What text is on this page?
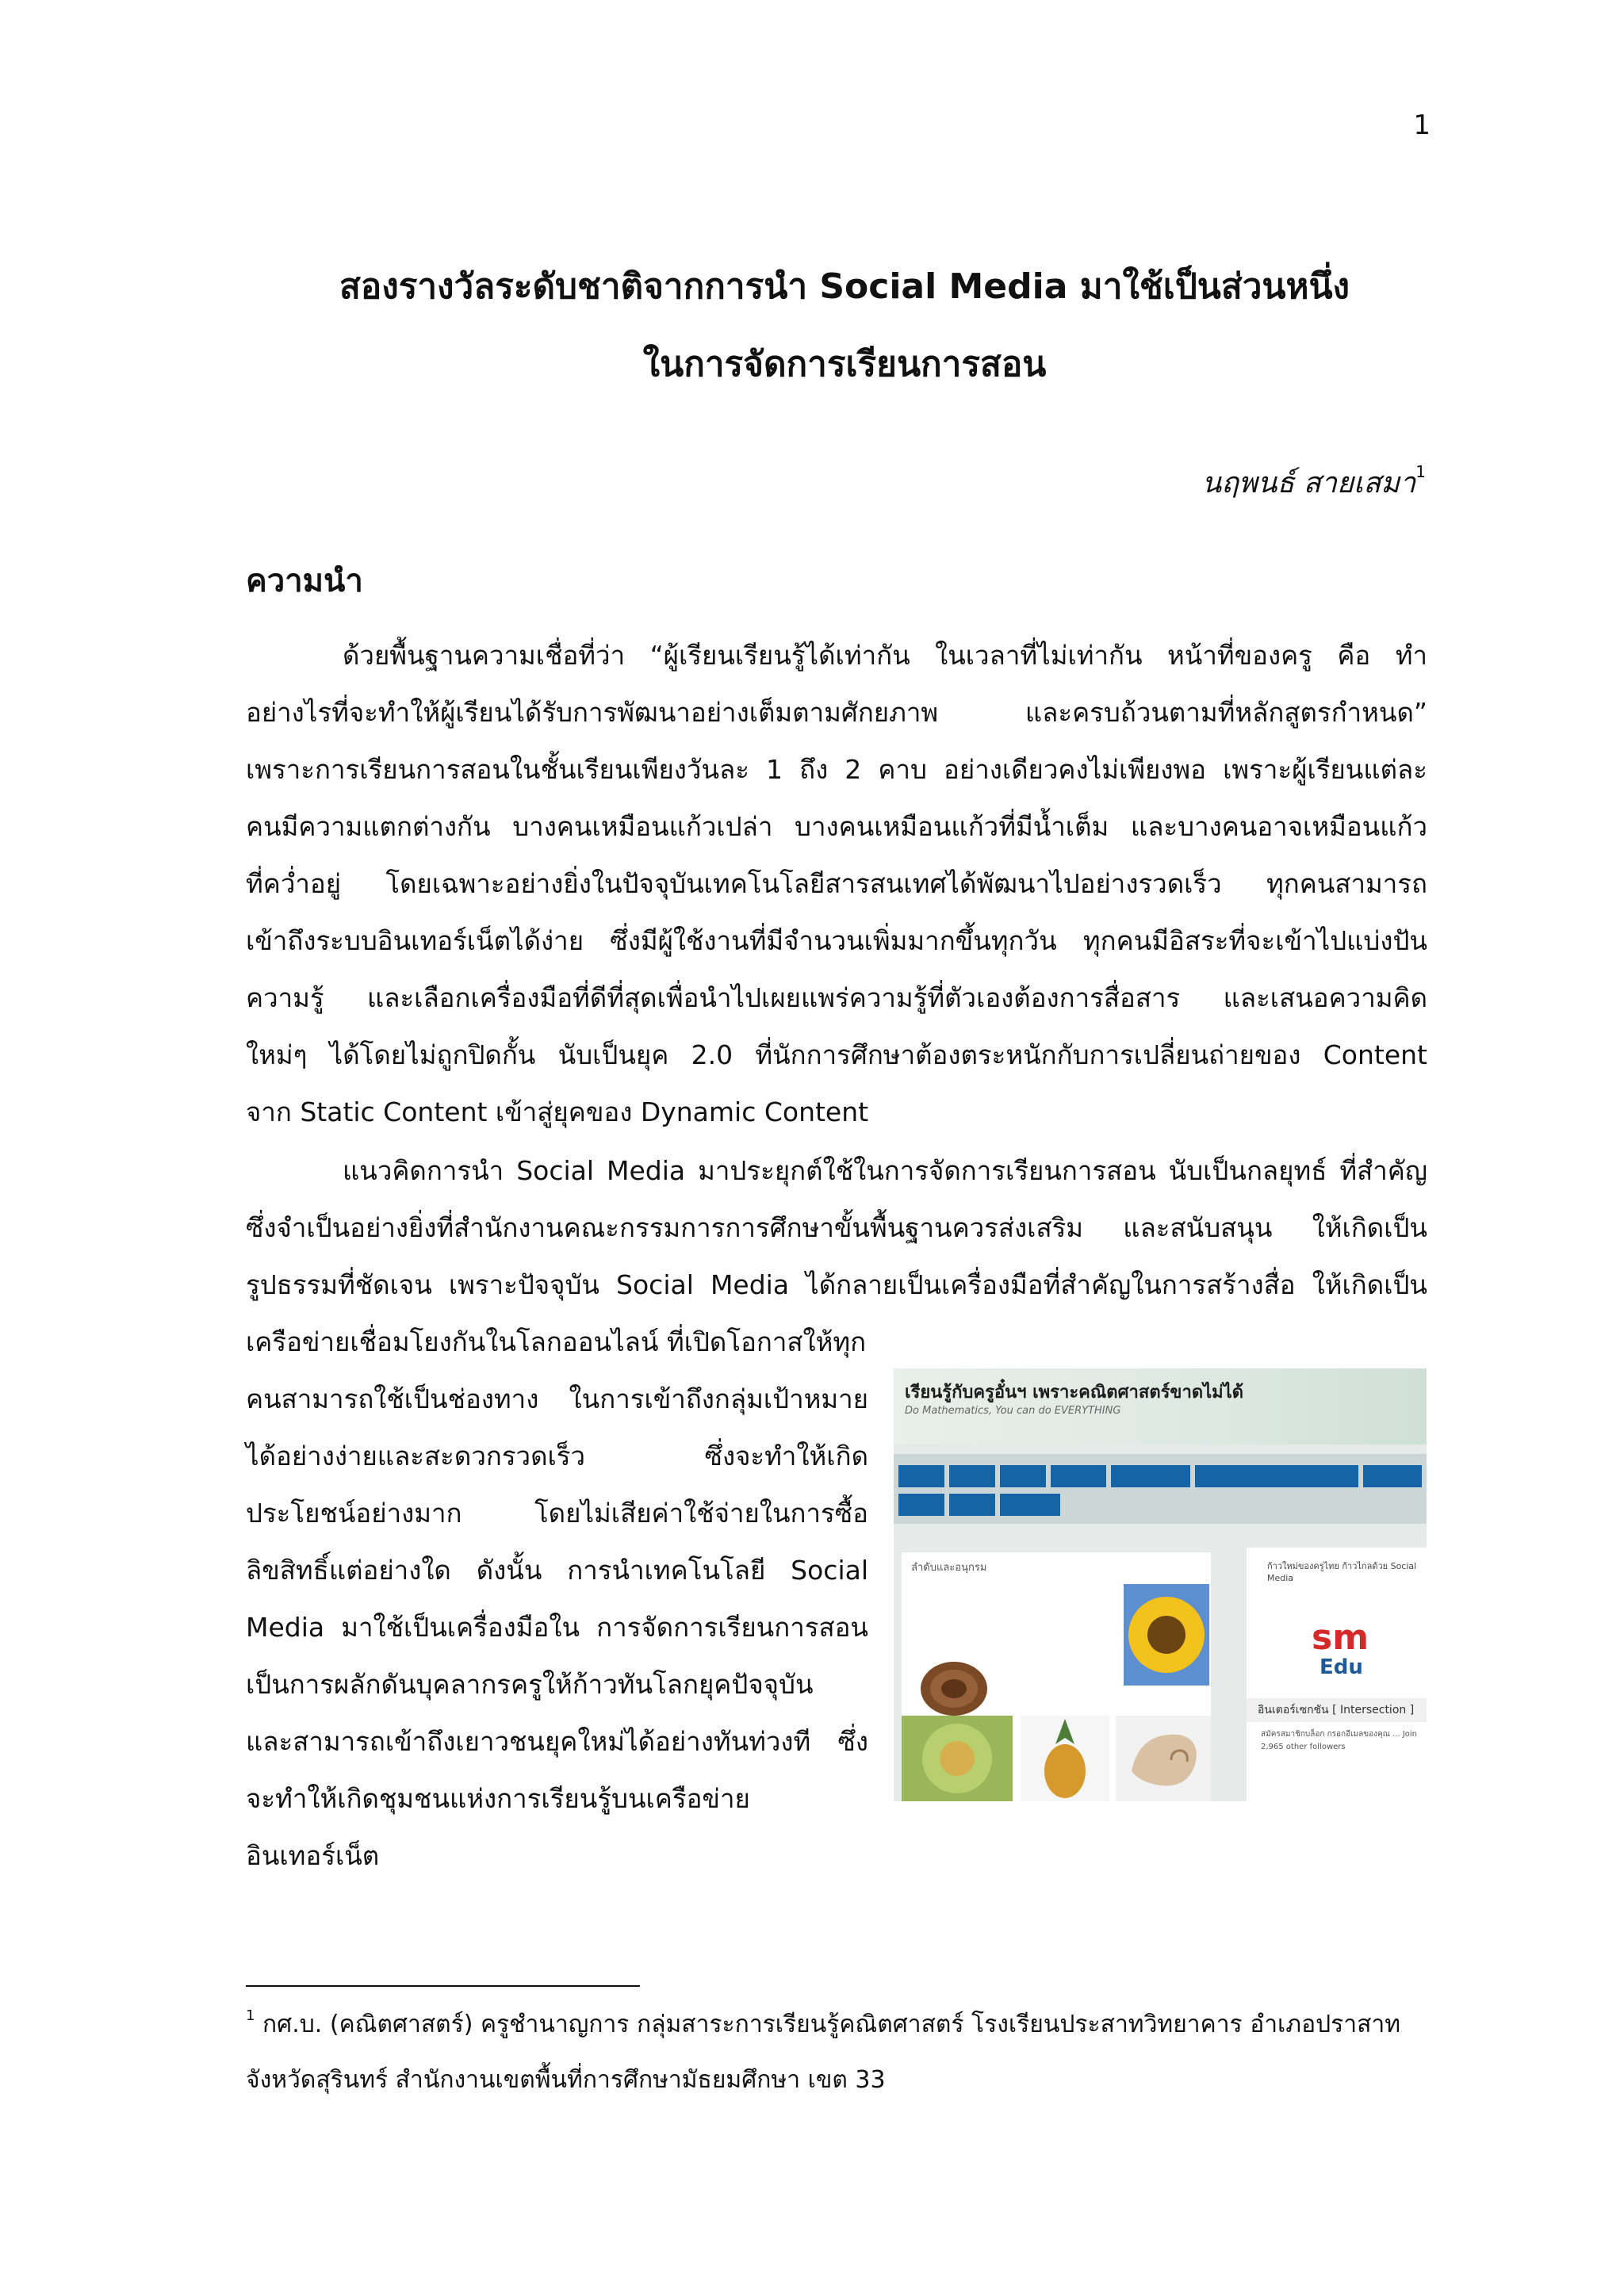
1
สองรางวัลระดับชาติจากการนำ Social Media มาใช้เป็นส่วนหนึ่ง
ในการจัดการเรียนการสอน
นฤพนธ์ สายเสมา$^1$
ความนำ
ด้วยพื้นฐานความเชื่อที่ว่า “ผู้เรียนเรียนรู้ได้เท่ากัน ในเวลาที่ไม่เท่ากัน หน้าที่ของครู คือ ทำ
อย่างไรที่จะทำให้ผู้เรียนได้รับการพัฒนาอย่างเต็มตามศักยภาพ และครบถ้วนตามที่หลักสูตรกำหนด”
เพราะการเรียนการสอนในชั้นเรียนเพียงวันละ 1 ถึง 2 คาบ อย่างเดียวคงไม่เพียงพอ เพราะผู้เรียนแต่ละ
คนมีความแตกต่างกัน บางคนเหมือนแก้วเปล่า บางคนเหมือนแก้วที่มีน้ำเต็ม และบางคนอาจเหมือนแก้ว
ที่คว่ำอยู่ โดยเฉพาะอย่างยิ่งในปัจจุบันเทคโนโลยีสารสนเทศได้พัฒนาไปอย่างรวดเร็ว ทุกคนสามารถ
เข้าถึงระบบอินเทอร์เน็ตได้ง่าย ซึ่งมีผู้ใช้งานที่มีจำนวนเพิ่มมากขึ้นทุกวัน ทุกคนมีอิสระที่จะเข้าไปแบ่งปัน
ความรู้ และเลือกเครื่องมือที่ดีที่สุดเพื่อนำไปเผยแพร่ความรู้ที่ตัวเองต้องการสื่อสาร และเสนอความคิด
ใหม่ๆ ได้โดยไม่ถูกปิดกั้น นับเป็นยุค 2.0 ที่นักการศึกษาต้องตระหนักกับการเปลี่ยนถ่ายของ Content
จาก Static Content เข้าสู่ยุคของ Dynamic Content
แนวคิดการนำ Social Media มาประยุกต์ใช้ในการจัดการเรียนการสอน นับเป็นกลยุทธ์ ที่สำคัญ
ซึ่งจำเป็นอย่างยิ่งที่สำนักงานคณะกรรมการการศึกษาขั้นพื้นฐานควรส่งเสริม และสนับสนุน ให้เกิดเป็น
รูปธรรมที่ชัดเจน เพราะปัจจุบัน Social Media ได้กลายเป็นเครื่องมือที่สำคัญในการสร้างสื่อ ให้เกิดเป็น
เครือข่ายเชื่อมโยงกันในโลกออนไลน์ ที่เปิดโอกาสให้ทุก
คนสามารถใช้เป็นช่องทาง ในการเข้าถึงกลุ่มเป้าหมาย
ได้อย่างง่ายและสะดวกรวดเร็ว ซึ่งจะทำให้เกิด
ประโยชน์อย่างมาก โดยไม่เสียค่าใช้จ่ายในการซื้อ
ลิขสิทธิ์แต่อย่างใด ดังนั้น การนำเทคโนโลยี Social
Media มาใช้เป็นเครื่องมือใน การจัดการเรียนการสอน
เป็นการผลักดันบุคลากรครูให้ก้าวทันโลกยุคปัจจุบัน
และสามารถเข้าถึงเยาวชนยุคใหม่ได้อย่างทันท่วงที ซึ่ง
จะทำให้เกิดชุมชนแห่งการเรียนรู้บนเครือข่าย
อินเทอร์เน็ต
เรียนรู้กับครูอั๋นฯ เพราะคณิตศาสตร์ขาดไม่ได้
Do Mathematics, You can do EVERYTHING
ลำดับและอนุกรม	ก้าวใหม่ของครูไทย ก้าวไกลด้วย Social Media
sm
Edu
อินเตอร์เซกชัน [ Intersection ]
สมัครสมาชิกบล็อก กรอกอีเมลของคุณ ... Join 2,965 other followers
$^1$ กศ.บ. (คณิตศาสตร์) ครูชำนาญการ กลุ่มสาระการเรียนรู้คณิตศาสตร์ โรงเรียนประสาทวิทยาคาร อำเภอปราสาท
จังหวัดสุรินทร์ สำนักงานเขตพื้นที่การศึกษามัธยมศึกษา เขต 33
